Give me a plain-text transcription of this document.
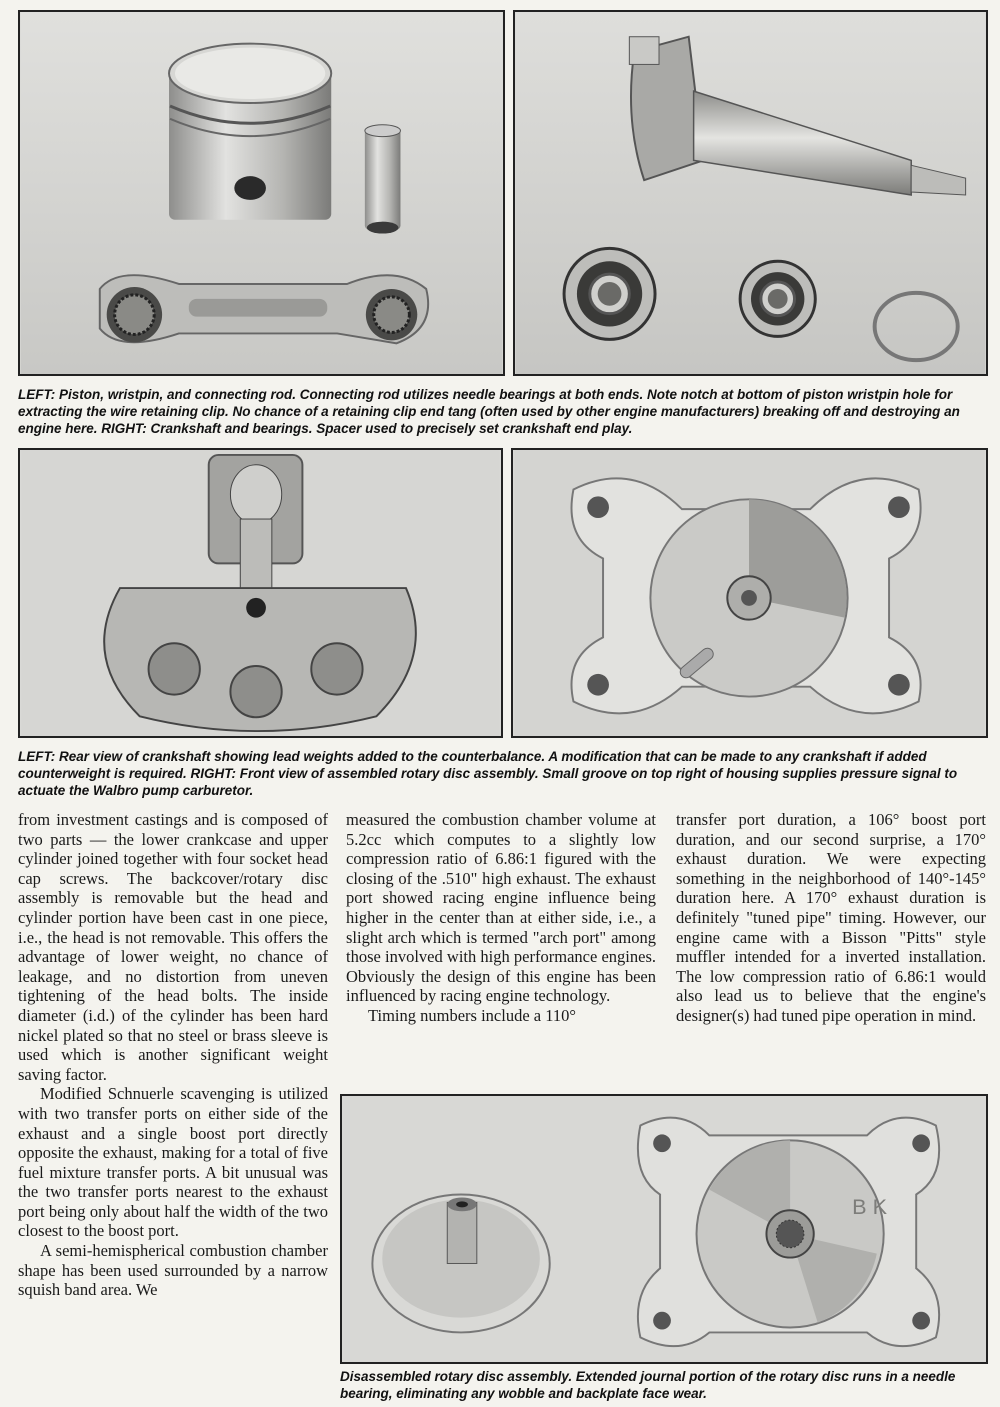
LEFT: Piston, wristpin, and connecting rod. Connecting rod utilizes needle bearings at both ends. Note notch at bottom of piston wristpin hole for extracting the wire retaining clip. No chance of a retaining clip end tang (often used by other engine manufacturers) breaking off and destroying an engine here. RIGHT: Crankshaft and bearings. Spacer used to precisely set crankshaft end play.

LEFT: Rear view of crankshaft showing lead weights added to the counterbalance. A modification that can be made to any crankshaft if added counterweight is required. RIGHT: Front view of assembled rotary disc assembly. Small groove on top right of housing supplies pressure signal to actuate the Walbro pump carburetor.

from investment castings and is composed of two parts — the lower crankcase and upper cylinder joined together with four socket head cap screws. The backcover/rotary disc assembly is removable but the head and cylinder portion have been cast in one piece, i.e., the head is not removable. This offers the advantage of lower weight, no chance of leakage, and no distortion from uneven tightening of the head bolts. The inside diameter (i.d.) of the cylinder has been hard nickel plated so that no steel or brass sleeve is used which is another significant weight saving factor.

Modified Schnuerle scavenging is utilized with two transfer ports on either side of the exhaust and a single boost port directly opposite the exhaust, making for a total of five fuel mixture transfer ports. A bit unusual was the two transfer ports nearest to the exhaust port being only about half the width of the two closest to the boost port.

A semi-hemispherical combustion chamber shape has been used surrounded by a narrow squish band area. We

measured the combustion chamber volume at 5.2cc which computes to a slightly low compression ratio of 6.86:1 figured with the closing of the .510" high exhaust. The exhaust port showed racing engine influence being higher in the center than at either side, i.e., a slight arch which is termed "arch port" among those involved with high performance engines. Obviously the design of this engine has been influenced by racing engine technology.

Timing numbers include a 110°

transfer port duration, a 106° boost port duration, and our second surprise, a 170° exhaust duration. We were expecting something in the neighborhood of 140°-145° duration here. A 170° exhaust duration is definitely "tuned pipe" timing. However, our engine came with a Bisson "Pitts" style muffler intended for a inverted installation. The low compression ratio of 6.86:1 would also lead us to believe that the engine's designer(s) had tuned pipe operation in mind.

B K

Disassembled rotary disc assembly. Extended journal portion of the rotary disc runs in a needle bearing, eliminating any wobble and backplate face wear.
